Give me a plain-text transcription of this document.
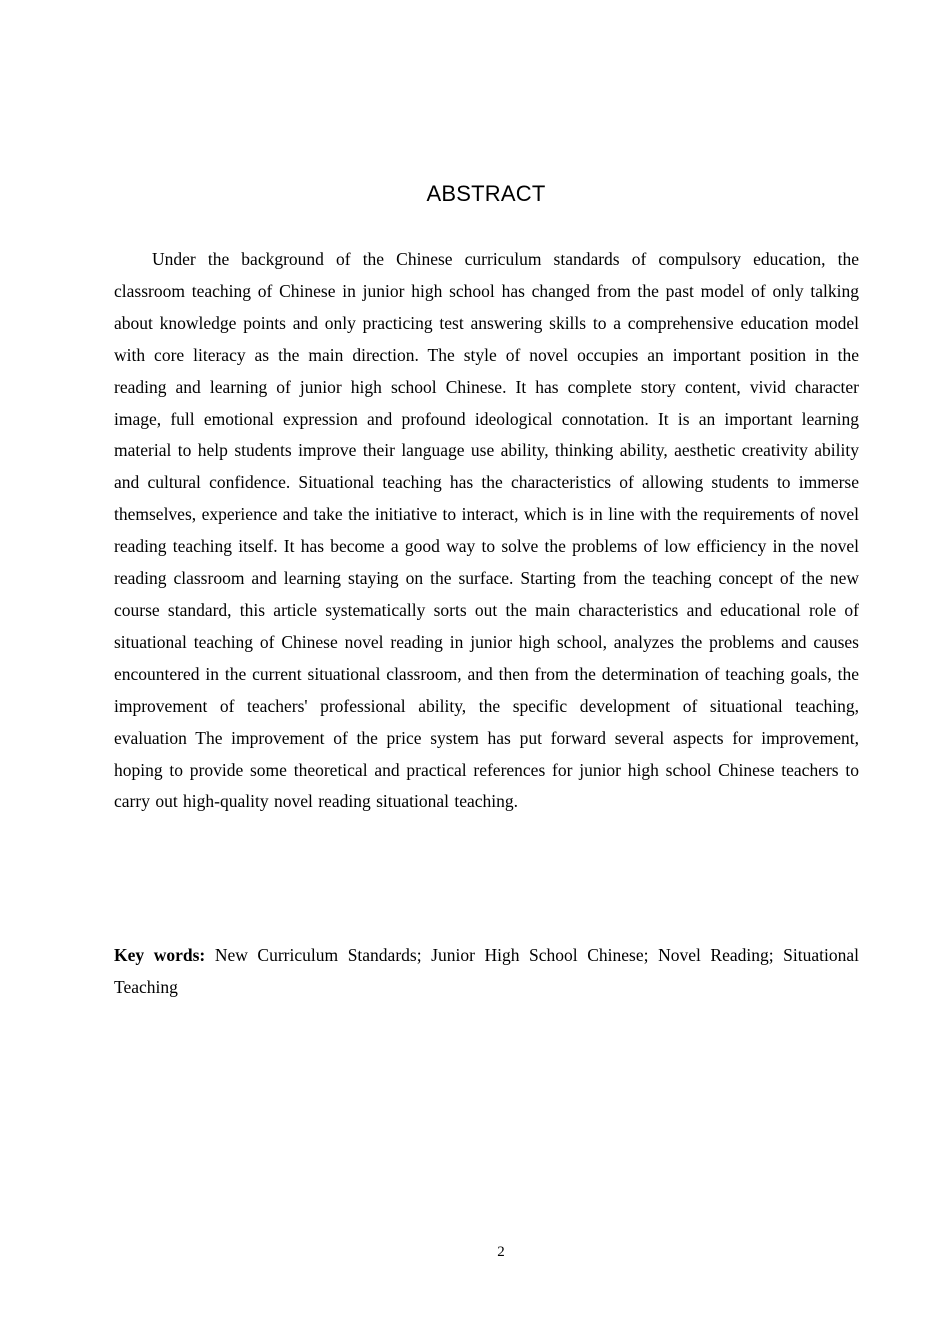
ABSTRACT

Under the background of the Chinese curriculum standards of compulsory education, the classroom teaching of Chinese in junior high school has changed from the past model of only talking about knowledge points and only practicing test answering skills to a comprehensive education model with core literacy as the main direction. The style of novel occupies an important position in the reading and learning of junior high school Chinese. It has complete story content, vivid character image, full emotional expression and profound ideological connotation. It is an important learning material to help students improve their language use ability, thinking ability, aesthetic creativity ability and cultural confidence. Situational teaching has the characteristics of allowing students to immerse themselves, experience and take the initiative to interact, which is in line with the requirements of novel reading teaching itself. It has become a good way to solve the problems of low efficiency in the novel reading classroom and learning staying on the surface. Starting from the teaching concept of the new course standard, this article systematically sorts out the main characteristics and educational role of situational teaching of Chinese novel reading in junior high school, analyzes the problems and causes encountered in the current situational classroom, and then from the determination of teaching goals, the improvement of teachers' professional ability, the specific development of situational teaching, evaluation The improvement of the price system has put forward several aspects for improvement, hoping to provide some theoretical and practical references for junior high school Chinese teachers to carry out high-quality novel reading situational teaching.

Key words: New Curriculum Standards; Junior High School Chinese; Novel Reading; Situational Teaching

2
